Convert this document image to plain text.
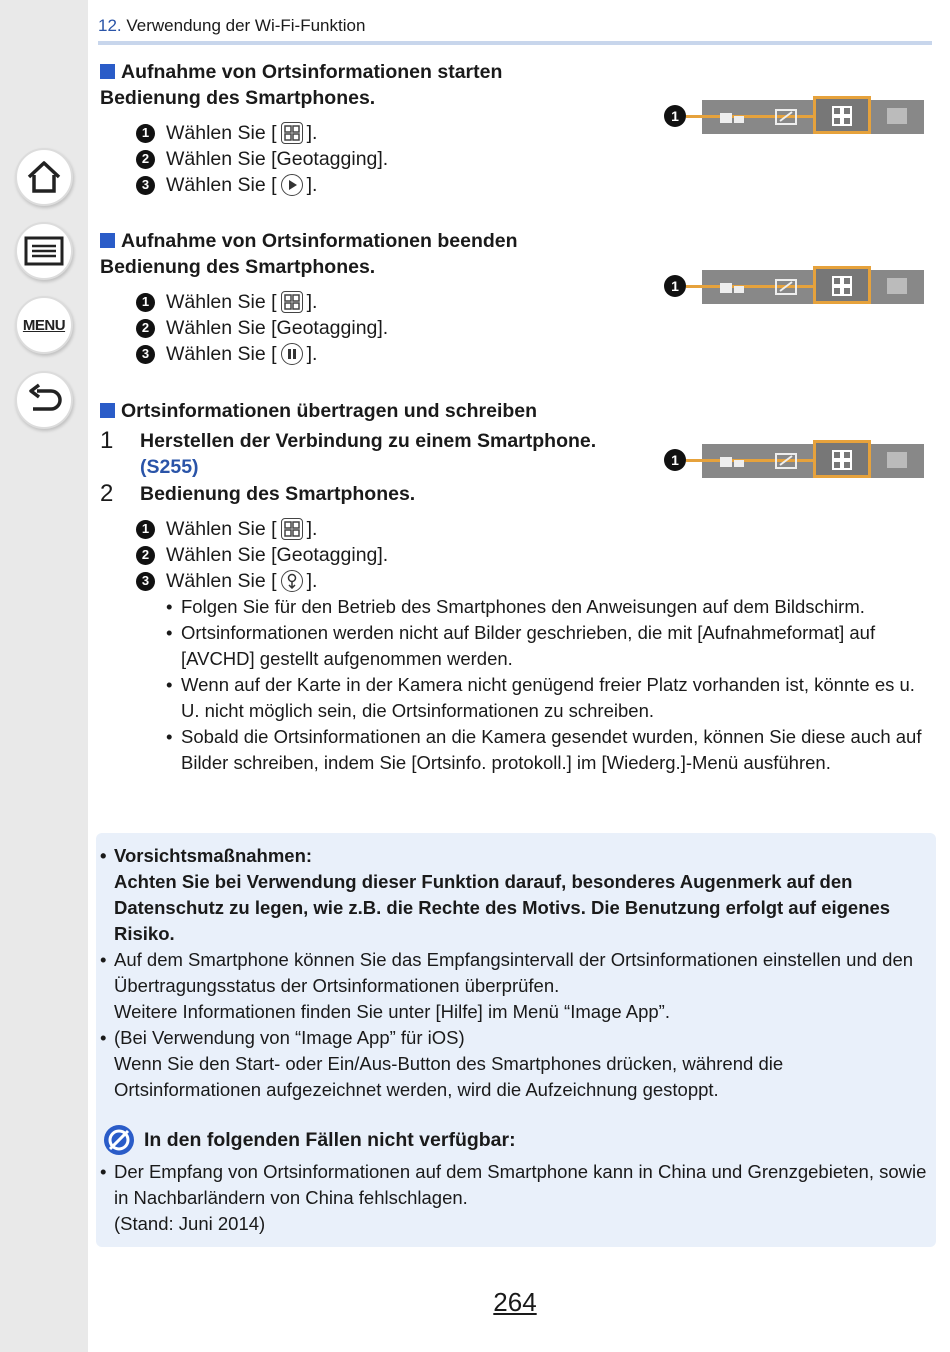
MENU
12. Verwendung der Wi-Fi-Funktion
Aufnahme von Ortsinformationen starten
Bedienung des Smartphones.
1 Wählen Sie [ ].
2 Wählen Sie [Geotagging].
3 Wählen Sie [ ].
1
Aufnahme von Ortsinformationen beenden
Bedienung des Smartphones.
1 Wählen Sie [ ].
2 Wählen Sie [Geotagging].
3 Wählen Sie [ ].
1
Ortsinformationen übertragen und schreiben
1	Herstellen der Verbindung zu einem Smartphone.
(S255)
2	Bedienung des Smartphones.
1 Wählen Sie [ ].
2 Wählen Sie [Geotagging].
3 Wählen Sie [ ].
1
• Folgen Sie für den Betrieb des Smartphones den Anweisungen auf dem Bildschirm.
• Ortsinformationen werden nicht auf Bilder geschrieben, die mit [Aufnahmeformat] auf [AVCHD] gestellt aufgenommen werden.
• Wenn auf der Karte in der Kamera nicht genügend freier Platz vorhanden ist, könnte es u. U. nicht möglich sein, die Ortsinformationen zu schreiben.
• Sobald die Ortsinformationen an die Kamera gesendet wurden, können Sie diese auch auf Bilder schreiben, indem Sie [Ortsinfo. protokoll.] im [Wiederg.]-Menü ausführen.
• Vorsichtsmaßnahmen:
Achten Sie bei Verwendung dieser Funktion darauf, besonderes Augenmerk auf den Datenschutz zu legen, wie z.B. die Rechte des Motivs. Die Benutzung erfolgt auf eigenes Risiko.
• Auf dem Smartphone können Sie das Empfangsintervall der Ortsinformationen einstellen und den Übertragungsstatus der Ortsinformationen überprüfen.
Weitere Informationen finden Sie unter [Hilfe] im Menü “Image App”.
• (Bei Verwendung von “Image App” für iOS)
Wenn Sie den Start- oder Ein/Aus-Button des Smartphones drücken, während die Ortsinformationen aufgezeichnet werden, wird die Aufzeichnung gestoppt.
In den folgenden Fällen nicht verfügbar:
• Der Empfang von Ortsinformationen auf dem Smartphone kann in China und Grenzgebieten, sowie in Nachbarländern von China fehlschlagen.
(Stand: Juni 2014)
264
